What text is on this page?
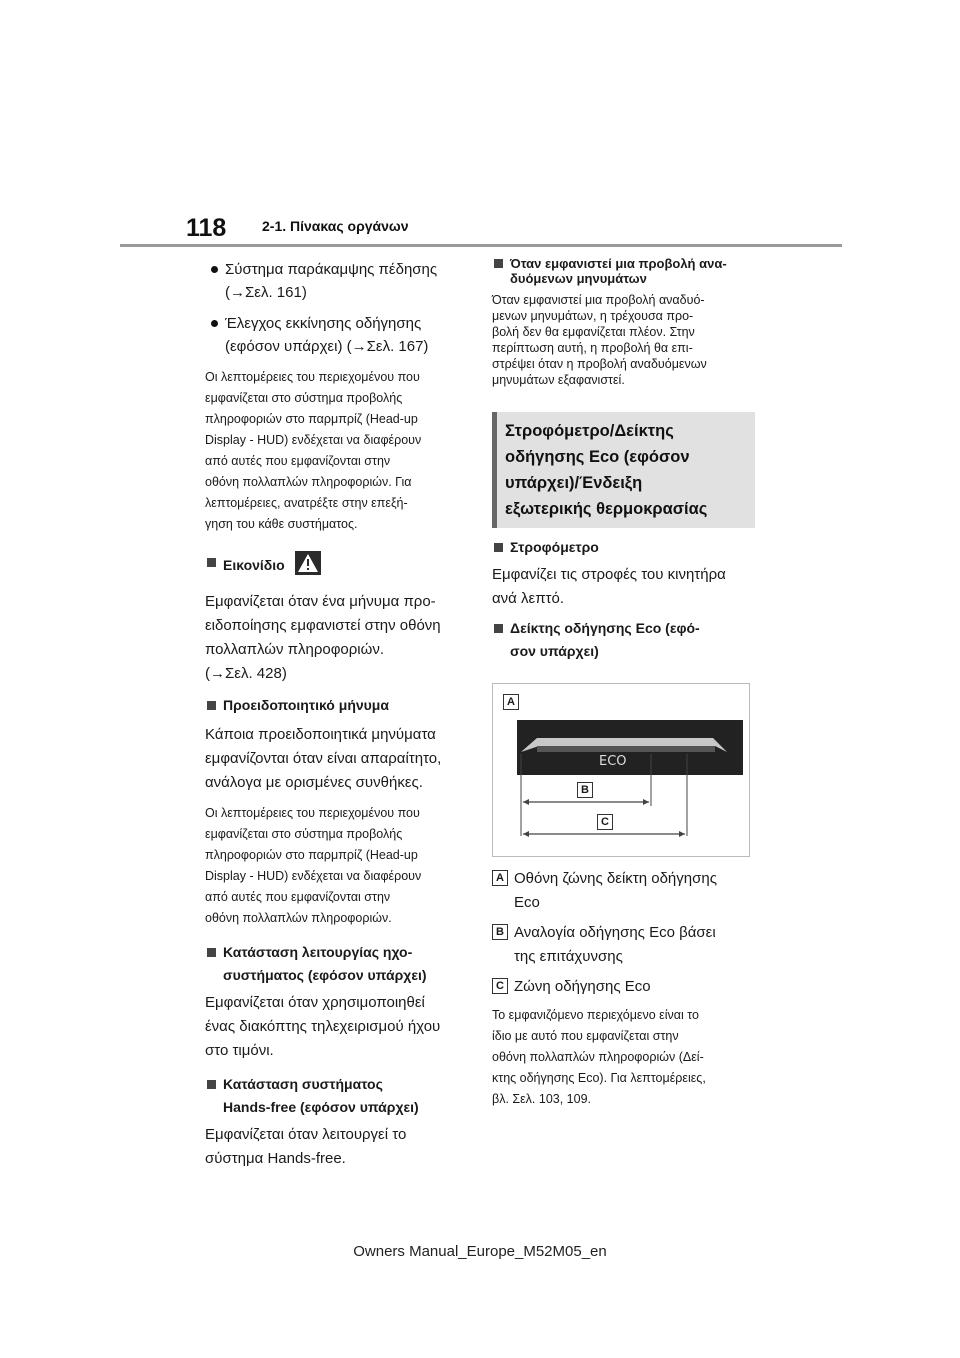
118	2-1. Πίνακας οργάνων
Σύστημα παράκαμψης πέδησης
(→Σελ. 161)
Έλεγχος εκκίνησης οδήγησης
(εφόσον υπάρχει) (→Σελ. 167)
Οι λεπτομέρειες του περιεχομένου που
εμφανίζεται στο σύστημα προβολής
πληροφοριών στο παρμπρίζ (Head-up
Display - HUD) ενδέχεται να διαφέρουν
από αυτές που εμφανίζονται στην
οθόνη πολλαπλών πληροφοριών. Για
λεπτομέρειες, ανατρέξτε στην επεξή-
γηση του κάθε συστήματος.
Εικονίδιο
Εμφανίζεται όταν ένα μήνυμα προ-
ειδοποίησης εμφανιστεί στην οθόνη
πολλαπλών πληροφοριών.
(→Σελ. 428)
Προειδοποιητικό μήνυμα
Κάποια προειδοποιητικά μηνύματα
εμφανίζονται όταν είναι απαραίτητο,
ανάλογα με ορισμένες συνθήκες.
Οι λεπτομέρειες του περιεχομένου που
εμφανίζεται στο σύστημα προβολής
πληροφοριών στο παρμπρίζ (Head-up
Display - HUD) ενδέχεται να διαφέρουν
από αυτές που εμφανίζονται στην
οθόνη πολλαπλών πληροφοριών.
Κατάσταση λειτουργίας ηχο-
συστήματος (εφόσον υπάρχει)
Εμφανίζεται όταν χρησιμοποιηθεί
ένας διακόπτης τηλεχειρισμού ήχου
στο τιμόνι.
Κατάσταση συστήματος
Hands-free (εφόσον υπάρχει)
Εμφανίζεται όταν λειτουργεί το
σύστημα Hands-free.
Όταν εμφανιστεί μια προβολή ανα-
δυόμενων μηνυμάτων
Όταν εμφανιστεί μια προβολή αναδυό-
μενων μηνυμάτων, η τρέχουσα προ-
βολή δεν θα εμφανίζεται πλέον. Στην
περίπτωση αυτή, η προβολή θα επι-
στρέψει όταν η προβολή αναδυόμενων
μηνυμάτων εξαφανιστεί.
Στροφόμετρο/Δείκτης
οδήγησης Eco (εφόσον
υπάρχει)/Ένδειξη
εξωτερικής θερμοκρασίας
Στροφόμετρο
Εμφανίζει τις στροφές του κινητήρα
ανά λεπτό.
Δείκτης οδήγησης Eco (εφό-
σον υπάρχει)
A
ECO
B
C
A Οθόνη ζώνης δείκτη οδήγησης
Eco
B Αναλογία οδήγησης Eco βάσει
της επιτάχυνσης
C Ζώνη οδήγησης Eco
Το εμφανιζόμενο περιεχόμενο είναι το
ίδιο με αυτό που εμφανίζεται στην
οθόνη πολλαπλών πληροφοριών (Δεί-
κτης οδήγησης Eco). Για λεπτομέρειες,
βλ. Σελ. 103, 109.
Owners Manual_Europe_M52M05_en
